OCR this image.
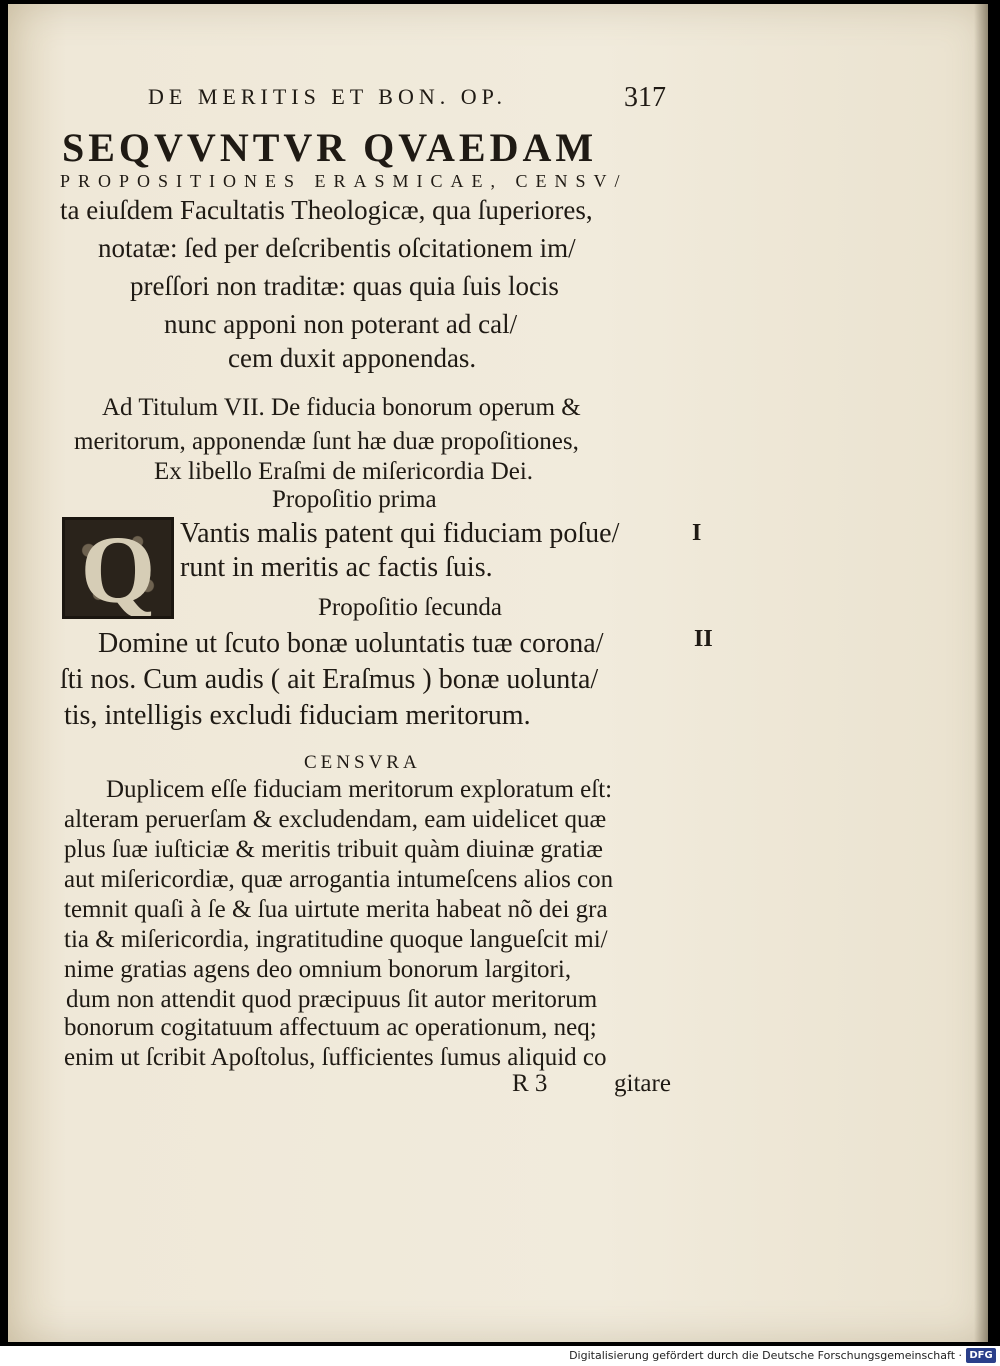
DE MERITIS ET BON. OP.	317
SEQVVNTVR QVAEDAM
PROPOSITIONES ERASMICAE, CENSV/
ta eiuſdem Facultatis Theologicæ, qua ſuperiores,
notatæ: ſed per deſcribentis oſcitationem im/
preſſori non traditæ: quas quia ſuis locis
nunc apponi non poterant ad cal/
cem duxit apponendas.
Ad Titulum VII. De fiducia bonorum operum &
meritorum, apponendæ ſunt hæ duæ propoſitiones,
Ex libello Eraſmi de miſericordia Dei.
Propoſitio prima
Q Vantis malis patent qui fiduciam poſue/
runt in meritis ac factis ſuis.
I
Propoſitio ſecunda
Domine ut ſcuto bonæ uoluntatis tuæ corona/
ſti nos. Cum audis ( ait Eraſmus ) bonæ uolunta/
tis, intelligis excludi fiduciam meritorum.
II
CENSVRA
Duplicem eſſe fiduciam meritorum exploratum eſt:
alteram peruerſam & excludendam, eam uidelicet quæ
plus ſuæ iuſticiæ & meritis tribuit quàm diuinæ gratiæ
aut miſericordiæ, quæ arrogantia intumeſcens alios con
temnit quaſi à ſe & ſua uirtute merita habeat nõ dei gra
tia & miſericordia, ingratitudine quoque langueſcit mi/
nime gratias agens deo omnium bonorum largitori,
dum non attendit quod præcipuus ſit autor meritorum
bonorum cogitatuum affectuum ac operationum, neq;
enim ut ſcribit Apoſtolus, ſufficientes ſumus aliquid co
R 3	gitare
Digitalisierung gefördert durch die Deutsche Forschungsgemeinschaft · DFG
